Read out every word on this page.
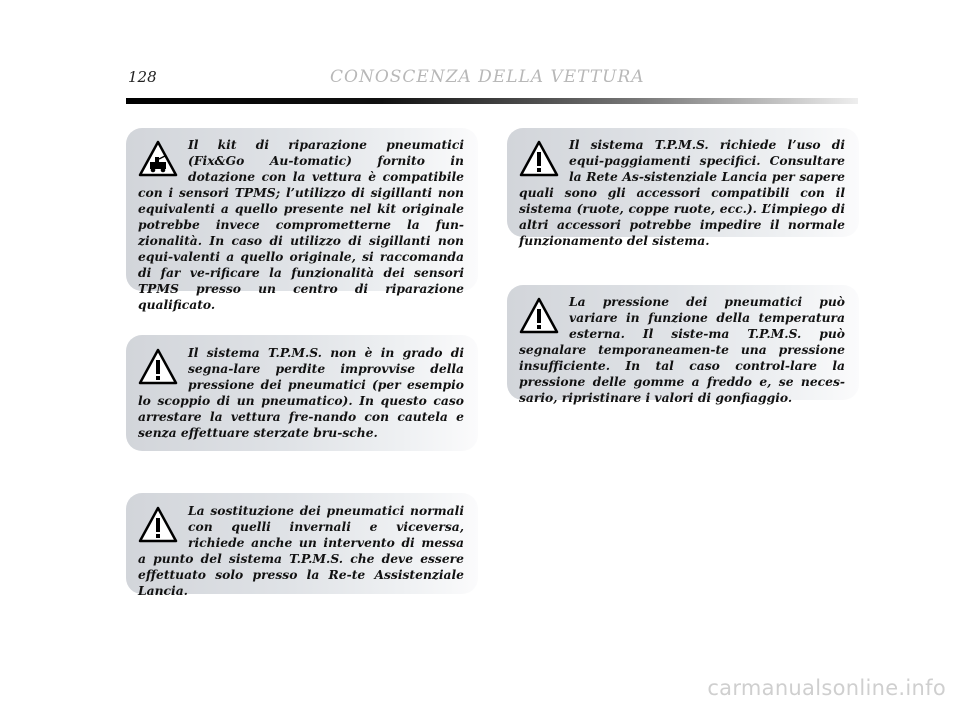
128	CONOSCENZA DELLA VETTURA

Il kit di riparazione pneumatici (Fix&Go Au-tomatic) fornito in dotazione con la vettura è compatibile con i sensori TPMS; l’utilizzo di sigillanti non equivalenti a quello presente nel kit originale potrebbe invece comprometterne la fun-zionalità. In caso di utilizzo di sigillanti non equi-valenti a quello originale, si raccomanda di far ve-rificare la funzionalità dei sensori TPMS presso un centro di riparazione qualificato.

Il sistema T.P.M.S. non è in grado di segna-lare perdite improvvise della pressione dei pneumatici (per esempio lo scoppio di un pneumatico). In questo caso arrestare la vettura fre-nando con cautela e senza effettuare sterzate bru-sche.

La sostituzione dei pneumatici normali con quelli invernali e viceversa, richiede anche un intervento di messa a punto del sistema T.P.M.S. che deve essere effettuato solo presso la Re-te Assistenziale Lancia.

Il sistema T.P.M.S. richiede l’uso di equi-paggiamenti specifici. Consultare la Rete As-sistenziale Lancia per sapere quali sono gli accessori compatibili con il sistema (ruote, coppe ruote, ecc.). L’impiego di altri accessori potrebbe impedire il normale funzionamento del sistema.

La pressione dei pneumatici può variare in funzione della temperatura esterna. Il siste-ma T.P.M.S. può segnalare temporaneamen-te una pressione insufficiente. In tal caso control-lare la pressione delle gomme a freddo e, se neces-sario, ripristinare i valori di gonfiaggio.

carmanualsonline.info
